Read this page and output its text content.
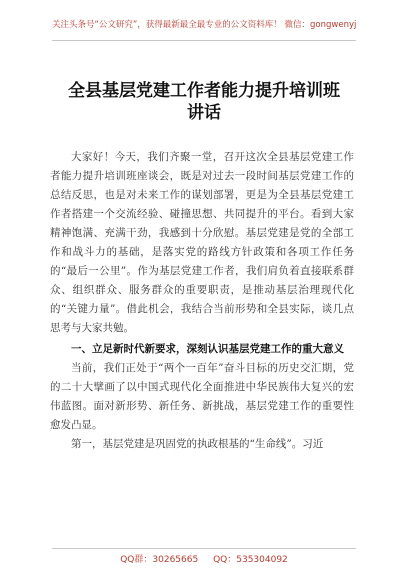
关注头条号“公文研究”，获得最新最全最专业的公文资料库！ 微信：gongwenyj
全县基层党建工作者能力提升培训班
讲话

大家好！今天，我们齐聚一堂，召开这次全县基层党建工作者能力提升培训班座谈会，既是对过去一段时间基层党建工作的总结反思，也是对未来工作的谋划部署，更是为全县基层党建工作者搭建一个交流经验、碰撞思想、共同提升的平台。看到大家精神饱满、充满干劲，我感到十分欣慰。基层党建是党的全部工作和战斗力的基础，是落实党的路线方针政策和各项工作任务的“最后一公里”。作为基层党建工作者，我们肩负着直接联系群众、组织群众、服务群众的重要职责，是推动基层治理现代化的“关键力量”。借此机会，我结合当前形势和全县实际，谈几点思考与大家共勉。

一、立足新时代新要求，深刻认识基层党建工作的重大意义

当前，我们正处于“两个一百年”奋斗目标的历史交汇期，党的二十大擘画了以中国式现代化全面推进中华民族伟大复兴的宏伟蓝图。面对新形势、新任务、新挑战，基层党建工作的重要性愈发凸显。

第一，基层党建是巩固党的执政根基的“生命线”。习近

QQ群：30265665 QQ：535304092
